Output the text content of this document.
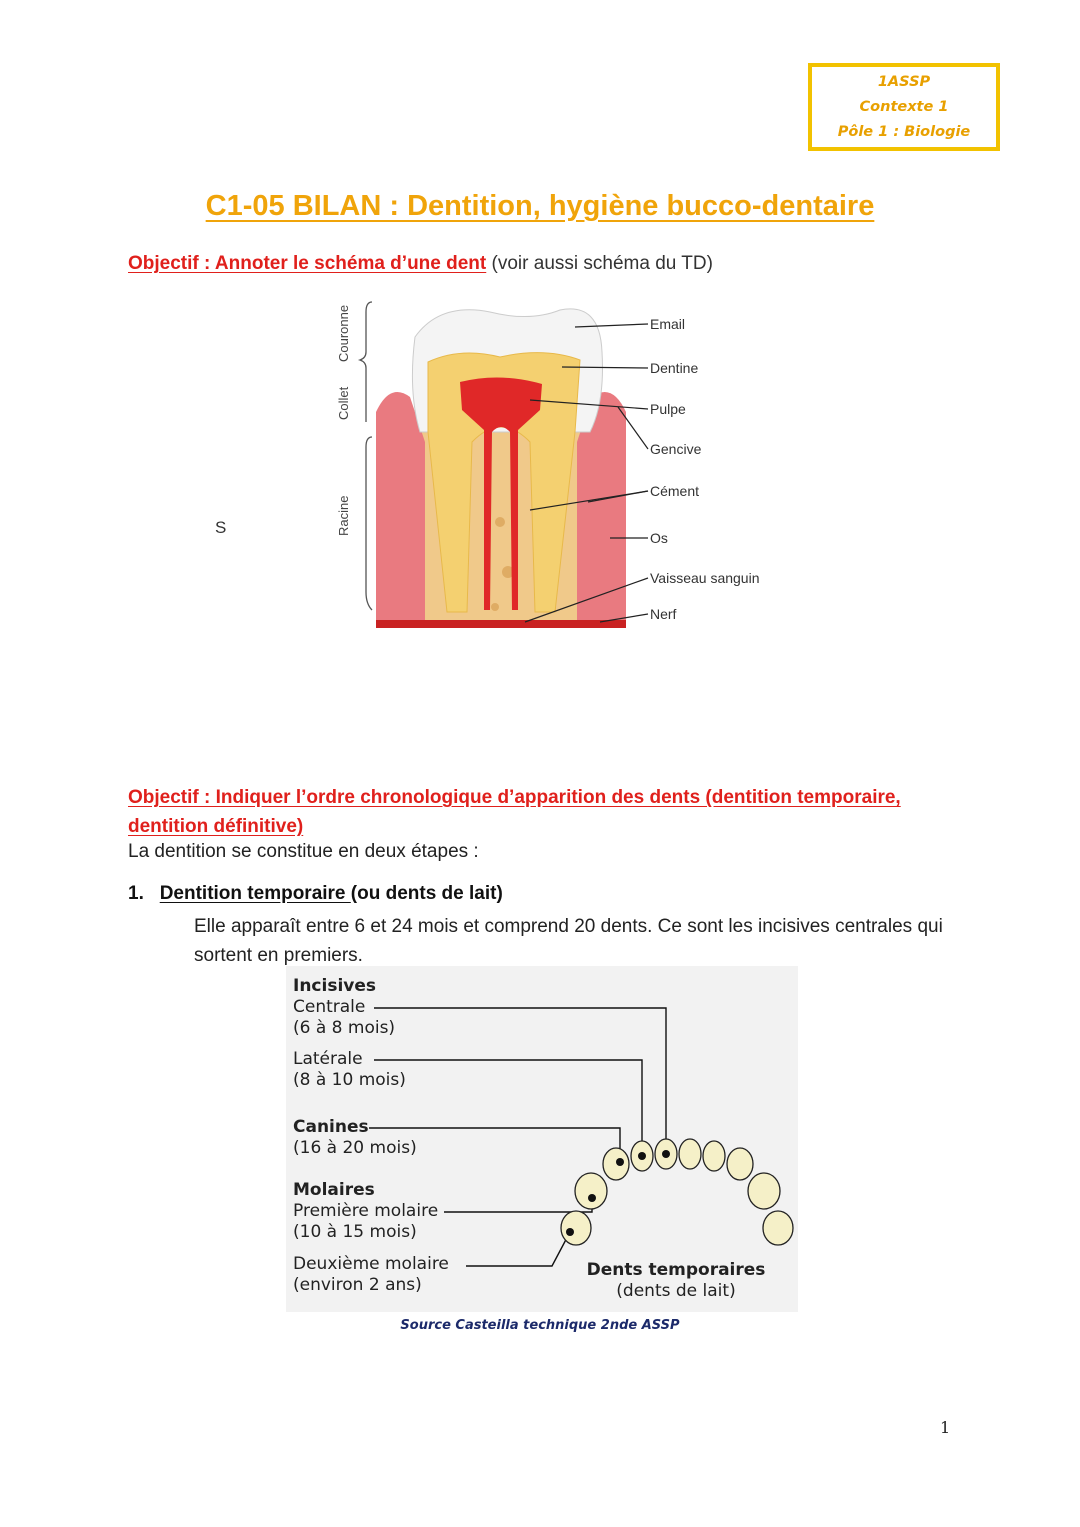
1ASSP
Contexte 1
Pôle 1 : Biologie
C1-05 BILAN : Dentition, hygiène bucco-dentaire
Objectif : Annoter le schéma d’une dent (voir aussi schéma du TD)
S
Couronne
Collet
Racine
Email
Dentine
Pulpe
Gencive
Cément
Os
Vaisseau sanguin
Nerf
Objectif : Indiquer l’ordre chronologique d’apparition des dents (dentition temporaire, dentition définitive)
La dentition se constitue en deux étapes :
1. Dentition temporaire (ou dents de lait)
Elle apparaît entre 6 et 24 mois et comprend 20 dents. Ce sont les incisives centrales qui sortent en premiers.
Incisives
Centrale
(6 à 8 mois)
Latérale
(8 à 10 mois)
Canines
(16 à 20 mois)
Molaires
Première molaire
(10 à 15 mois)
Deuxième molaire
(environ 2 ans)
Dents temporaires
(dents de lait)
Source Casteilla technique 2nde ASSP
1
